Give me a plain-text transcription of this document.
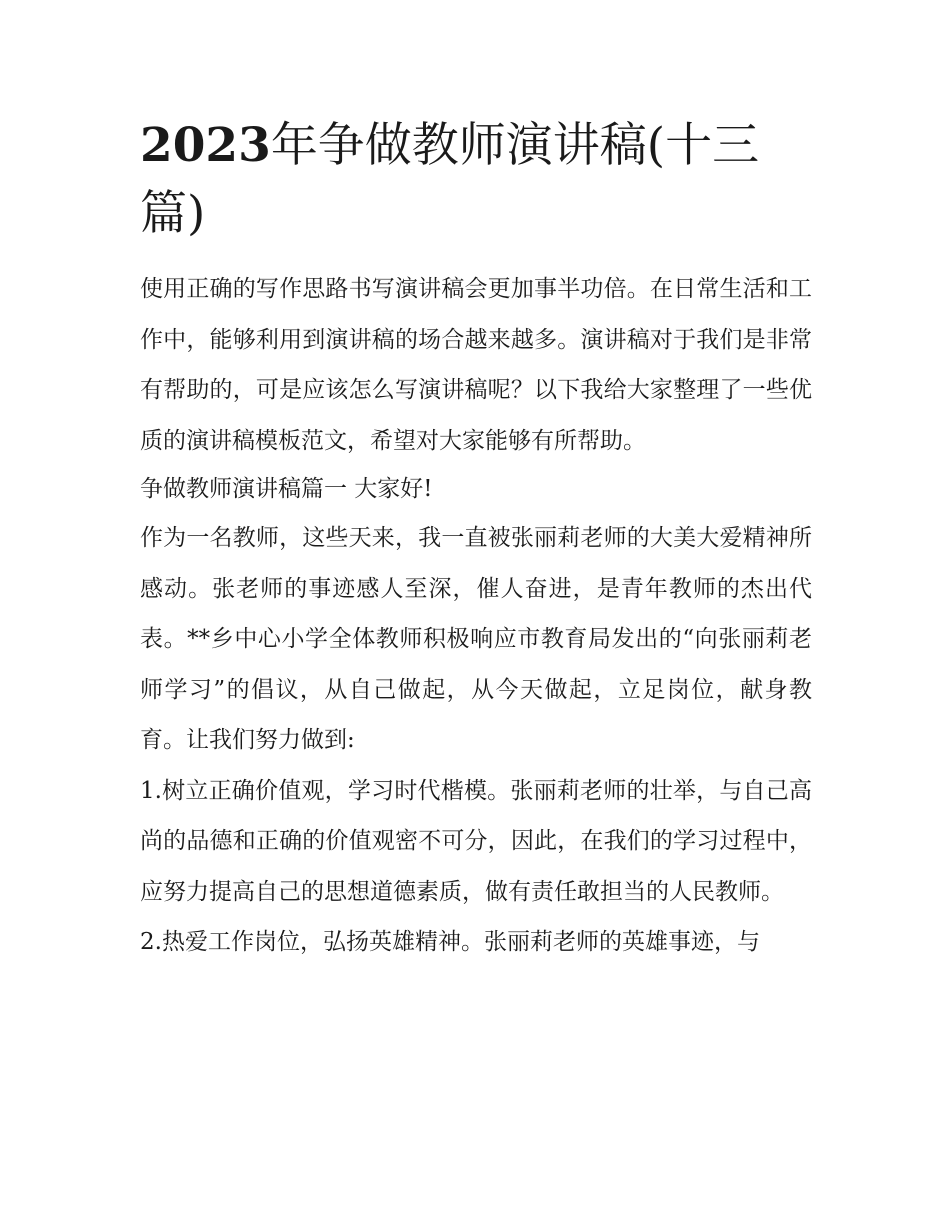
2023年争做教师演讲稿(十三篇)

使用正确的写作思路书写演讲稿会更加事半功倍。在日常生活和工作中，能够利用到演讲稿的场合越来越多。演讲稿对于我们是非常有帮助的，可是应该怎么写演讲稿呢？以下我给大家整理了一些优质的演讲稿模板范文，希望对大家能够有所帮助。

争做教师演讲稿篇一 大家好!

作为一名教师，这些天来，我一直被张丽莉老师的大美大爱精神所感动。张老师的事迹感人至深，催人奋进，是青年教师的杰出代表。**乡中心小学全体教师积极响应市教育局发出的“向张丽莉老师学习”的倡议，从自己做起，从今天做起，立足岗位，献身教育。让我们努力做到:

1.树立正确价值观，学习时代楷模。张丽莉老师的壮举，与自己高尚的品德和正确的价值观密不可分，因此，在我们的学习过程中，应努力提高自己的思想道德素质，做有责任敢担当的人民教师。

2.热爱工作岗位，弘扬英雄精神。张丽莉老师的英雄事迹，与
